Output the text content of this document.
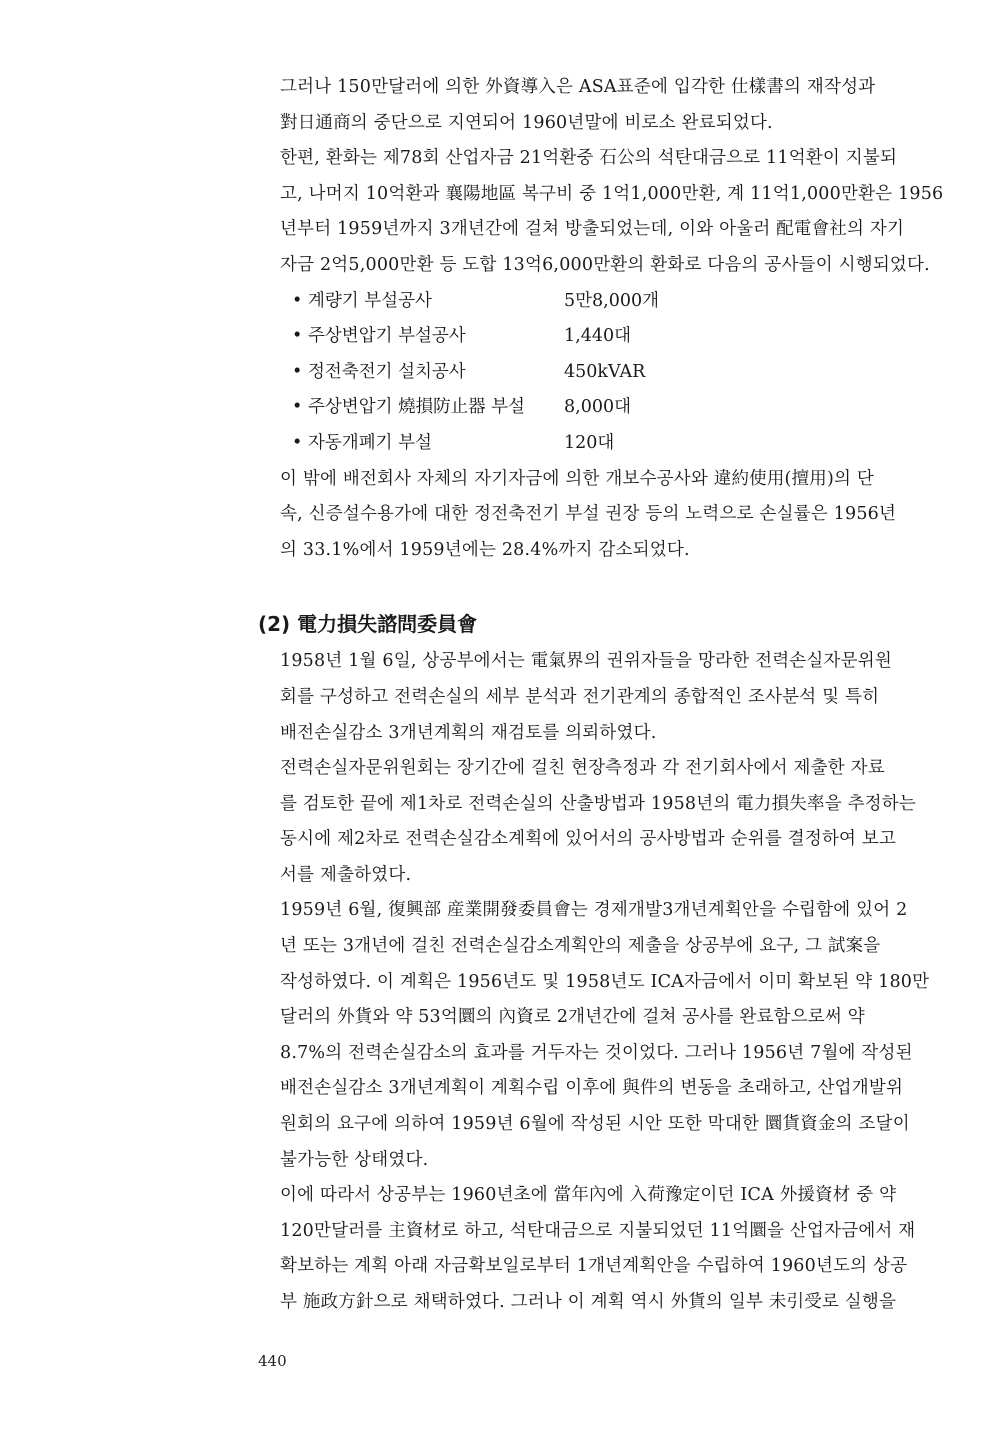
그러나 150만달러에 의한 外資導入은 ASA표준에 입각한 仕樣書의 재작성과
對日通商의 중단으로 지연되어 1960년말에 비로소 완료되었다.

한편, 환화는 제78회 산업자금 21억환중 石公의 석탄대금으로 11억환이 지불되
고, 나머지 10억환과 襄陽地區 복구비 중 1억1,000만환, 계 11억1,000만환은 1956
년부터 1959년까지 3개년간에 걸쳐 방출되었는데, 이와 아울러 配電會社의 자기
자금 2억5,000만환 등 도합 13억6,000만환의 환화로 다음의 공사들이 시행되었다.

• 계량기 부설공사	5만8,000개
• 주상변압기 부설공사	1,440대
• 정전축전기 설치공사	450kVAR
• 주상변압기 燒損防止器 부설 8,000대
• 자동개폐기 부설	120대

이 밖에 배전회사 자체의 자기자금에 의한 개보수공사와 違約使用(擅用)의 단
속, 신증설수용가에 대한 정전축전기 부설 권장 등의 노력으로 손실률은 1956년
의 33.1%에서 1959년에는 28.4%까지 감소되었다.

(2) 電力損失諮問委員會

1958년 1월 6일, 상공부에서는 電氣界의 권위자들을 망라한 전력손실자문위원
회를 구성하고 전력손실의 세부 분석과 전기관계의 종합적인 조사분석 및 특히
배전손실감소 3개년계획의 재검토를 의뢰하였다.

전력손실자문위원회는 장기간에 걸친 현장측정과 각 전기회사에서 제출한 자료
를 검토한 끝에 제1차로 전력손실의 산출방법과 1958년의 電力損失率을 추정하는
동시에 제2차로 전력손실감소계획에 있어서의 공사방법과 순위를 결정하여 보고
서를 제출하였다.

1959년 6월, 復興部 産業開發委員會는 경제개발3개년계획안을 수립함에 있어 2
년 또는 3개년에 걸친 전력손실감소계획안의 제출을 상공부에 요구, 그 試案을
작성하였다. 이 계획은 1956년도 및 1958년도 ICA자금에서 이미 확보된 약 180만
달러의 外貨와 약 53억圜의 內資로 2개년간에 걸쳐 공사를 완료함으로써 약
8.7%의 전력손실감소의 효과를 거두자는 것이었다. 그러나 1956년 7월에 작성된
배전손실감소 3개년계획이 계획수립 이후에 與件의 변동을 초래하고, 산업개발위
원회의 요구에 의하여 1959년 6월에 작성된 시안 또한 막대한 圜貨資金의 조달이
불가능한 상태였다.

이에 따라서 상공부는 1960년초에 當年內에 入荷豫定이던 ICA 外援資材 중 약
120만달러를 主資材로 하고, 석탄대금으로 지불되었던 11억圜을 산업자금에서 재
확보하는 계획 아래 자금확보일로부터 1개년계획안을 수립하여 1960년도의 상공
부 施政方針으로 채택하였다. 그러나 이 계획 역시 外貨의 일부 未引受로 실행을

440
